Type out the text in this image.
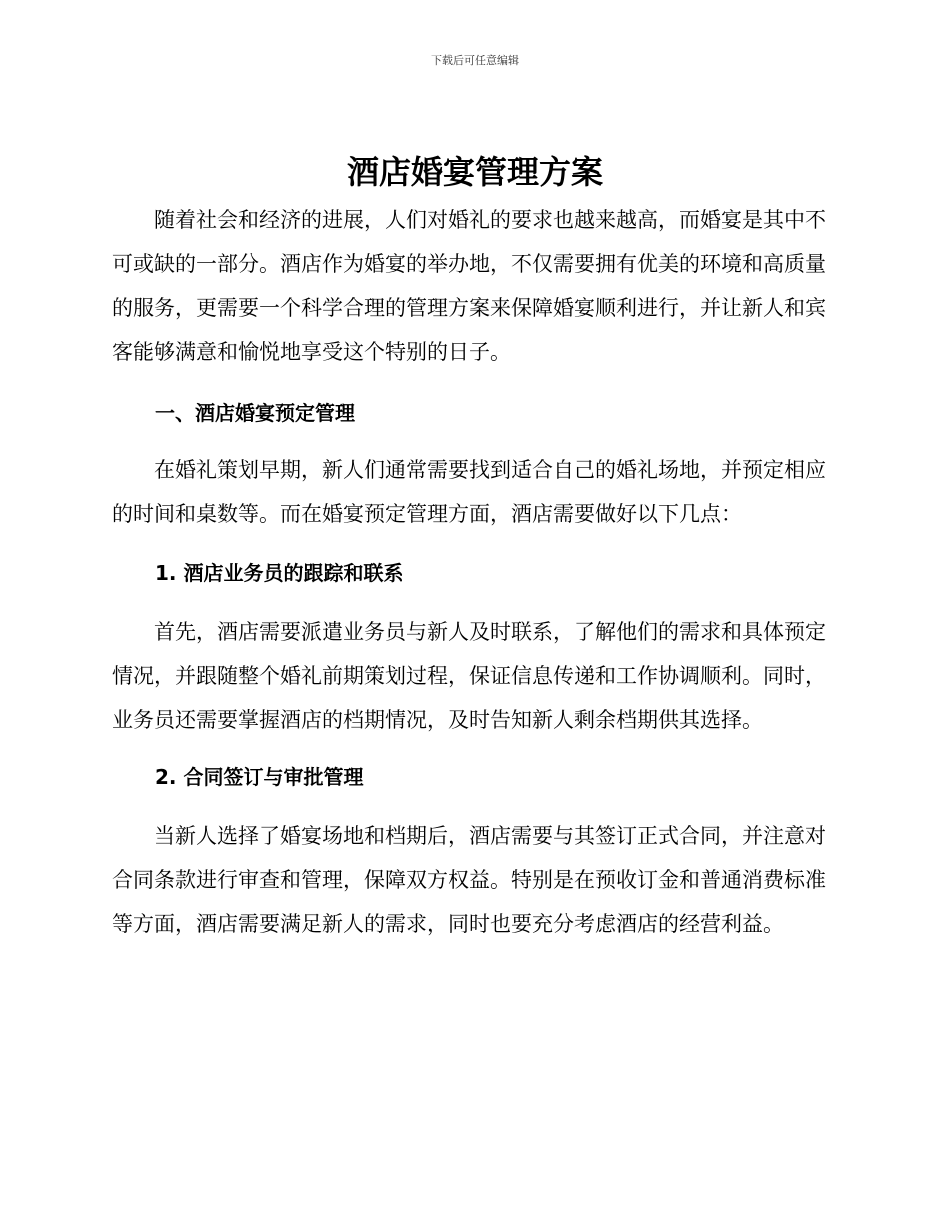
下载后可任意编辑
酒店婚宴管理方案

随着社会和经济的进展，人们对婚礼的要求也越来越高，而婚宴是其中不可或缺的一部分。酒店作为婚宴的举办地，不仅需要拥有优美的环境和高质量的服务，更需要一个科学合理的管理方案来保障婚宴顺利进行，并让新人和宾客能够满意和愉悦地享受这个特别的日子。

一、酒店婚宴预定管理

在婚礼策划早期，新人们通常需要找到适合自己的婚礼场地，并预定相应的时间和桌数等。而在婚宴预定管理方面，酒店需要做好以下几点：

1. 酒店业务员的跟踪和联系

首先，酒店需要派遣业务员与新人及时联系，了解他们的需求和具体预定情况，并跟随整个婚礼前期策划过程，保证信息传递和工作协调顺利。同时，业务员还需要掌握酒店的档期情况，及时告知新人剩余档期供其选择。

2. 合同签订与审批管理

当新人选择了婚宴场地和档期后，酒店需要与其签订正式合同，并注意对合同条款进行审查和管理，保障双方权益。特别是在预收订金和普通消费标准等方面，酒店需要满足新人的需求，同时也要充分考虑酒店的经营利益。
